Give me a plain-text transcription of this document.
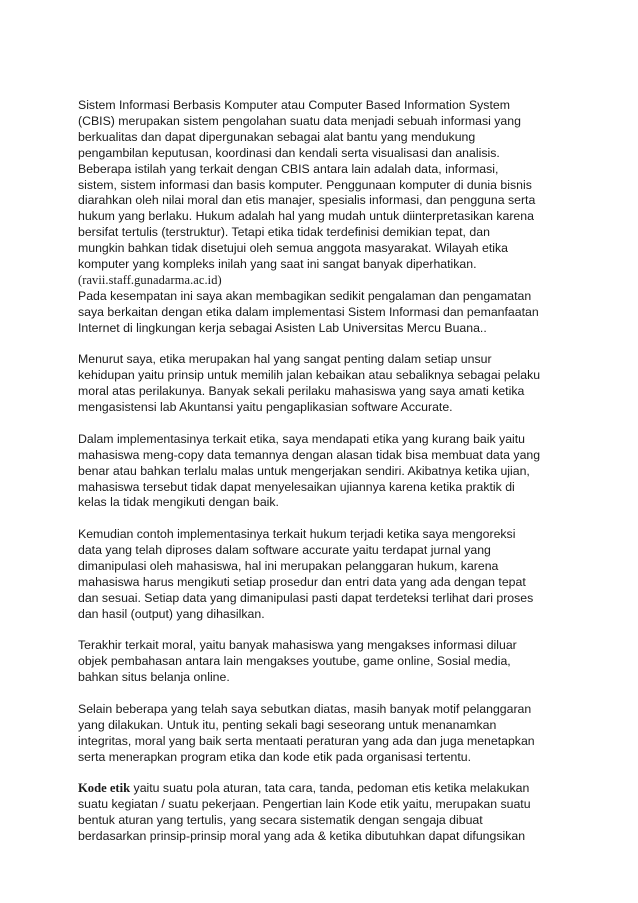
Sistem Informasi Berbasis Komputer atau Computer Based Information System
(CBIS) merupakan sistem pengolahan suatu data menjadi sebuah informasi yang
berkualitas dan dapat dipergunakan sebagai alat bantu yang mendukung
pengambilan keputusan, koordinasi dan kendali serta visualisasi dan analisis.
Beberapa istilah yang terkait dengan CBIS antara lain adalah data, informasi,
sistem, sistem informasi dan basis komputer. Penggunaan komputer di dunia bisnis
diarahkan oleh nilai moral dan etis manajer, spesialis informasi, dan pengguna serta
hukum yang berlaku. Hukum adalah hal yang mudah untuk diinterpretasikan karena
bersifat tertulis (terstruktur). Tetapi etika tidak terdefinisi demikian tepat, dan
mungkin bahkan tidak disetujui oleh semua anggota masyarakat. Wilayah etika
komputer yang kompleks inilah yang saat ini sangat banyak diperhatikan.
(ravii.staff.gunadarma.ac.id)
Pada kesempatan ini saya akan membagikan sedikit pengalaman dan pengamatan
saya berkaitan dengan etika dalam implementasi Sistem Informasi dan pemanfaatan
Internet di lingkungan kerja sebagai Asisten Lab Universitas Mercu Buana..
Menurut saya, etika merupakan hal yang sangat penting dalam setiap unsur
kehidupan yaitu prinsip untuk memilih jalan kebaikan atau sebaliknya sebagai pelaku
moral atas perilakunya. Banyak sekali perilaku mahasiswa yang saya amati ketika
mengasistensi lab Akuntansi yaitu pengaplikasian software Accurate.
Dalam implementasinya terkait etika, saya mendapati etika yang kurang baik yaitu
mahasiswa meng-copy data temannya dengan alasan tidak bisa membuat data yang
benar atau bahkan terlalu malas untuk mengerjakan sendiri. Akibatnya ketika ujian,
mahasiswa tersebut tidak dapat menyelesaikan ujiannya karena ketika praktik di
kelas la tidak mengikuti dengan baik.
Kemudian contoh implementasinya terkait hukum terjadi ketika saya mengoreksi
data yang telah diproses dalam software accurate yaitu terdapat jurnal yang
dimanipulasi oleh mahasiswa, hal ini merupakan pelanggaran hukum, karena
mahasiswa harus mengikuti setiap prosedur dan entri data yang ada dengan tepat
dan sesuai. Setiap data yang dimanipulasi pasti dapat terdeteksi terlihat dari proses
dan hasil (output) yang dihasilkan.
Terakhir terkait moral, yaitu banyak mahasiswa yang mengakses informasi diluar
objek pembahasan antara lain mengakses youtube, game online, Sosial media,
bahkan situs belanja online.
Selain beberapa yang telah saya sebutkan diatas, masih banyak motif pelanggaran
yang dilakukan. Untuk itu, penting sekali bagi seseorang untuk menanamkan
integritas, moral yang baik serta mentaati peraturan yang ada dan juga menetapkan
serta menerapkan program etika dan kode etik pada organisasi tertentu.
Kode etik yaitu suatu pola aturan, tata cara, tanda, pedoman etis ketika melakukan
suatu kegiatan / suatu pekerjaan. Pengertian lain Kode etik yaitu, merupakan suatu
bentuk aturan yang tertulis, yang secara sistematik dengan sengaja dibuat
berdasarkan prinsip-prinsip moral yang ada & ketika dibutuhkan dapat difungsikan
